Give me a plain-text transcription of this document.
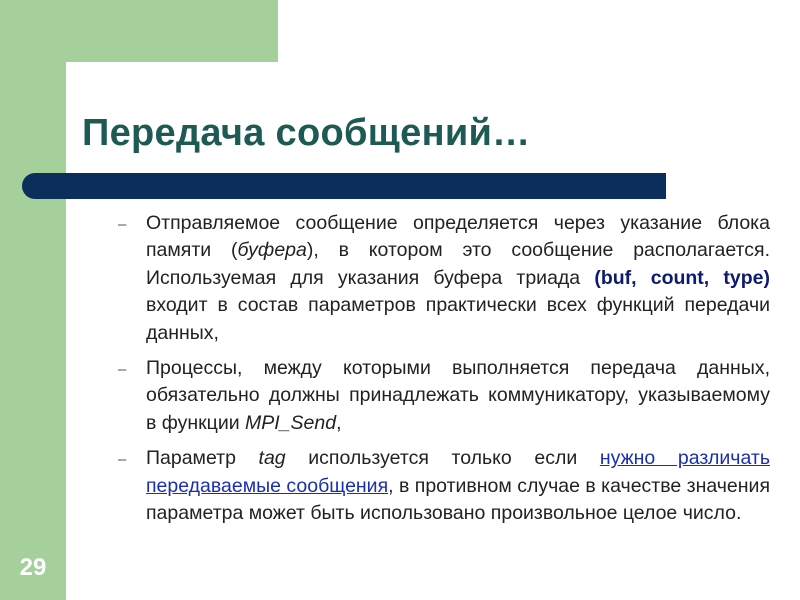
Передача сообщений…
– Отправляемое сообщение определяется через указание блока памяти (буфера), в котором это сообщение располагается. Используемая для указания буфера триада (buf, count, type) входит в состав параметров практически всех функций передачи данных,
– Процессы, между которыми выполняется передача данных, обязательно должны принадлежать коммуникатору, указываемому в функции MPI_Send,
– Параметр tag используется только если нужно различать передаваемые сообщения, в противном случае в качестве значения параметра может быть использовано произвольное целое число.
29
